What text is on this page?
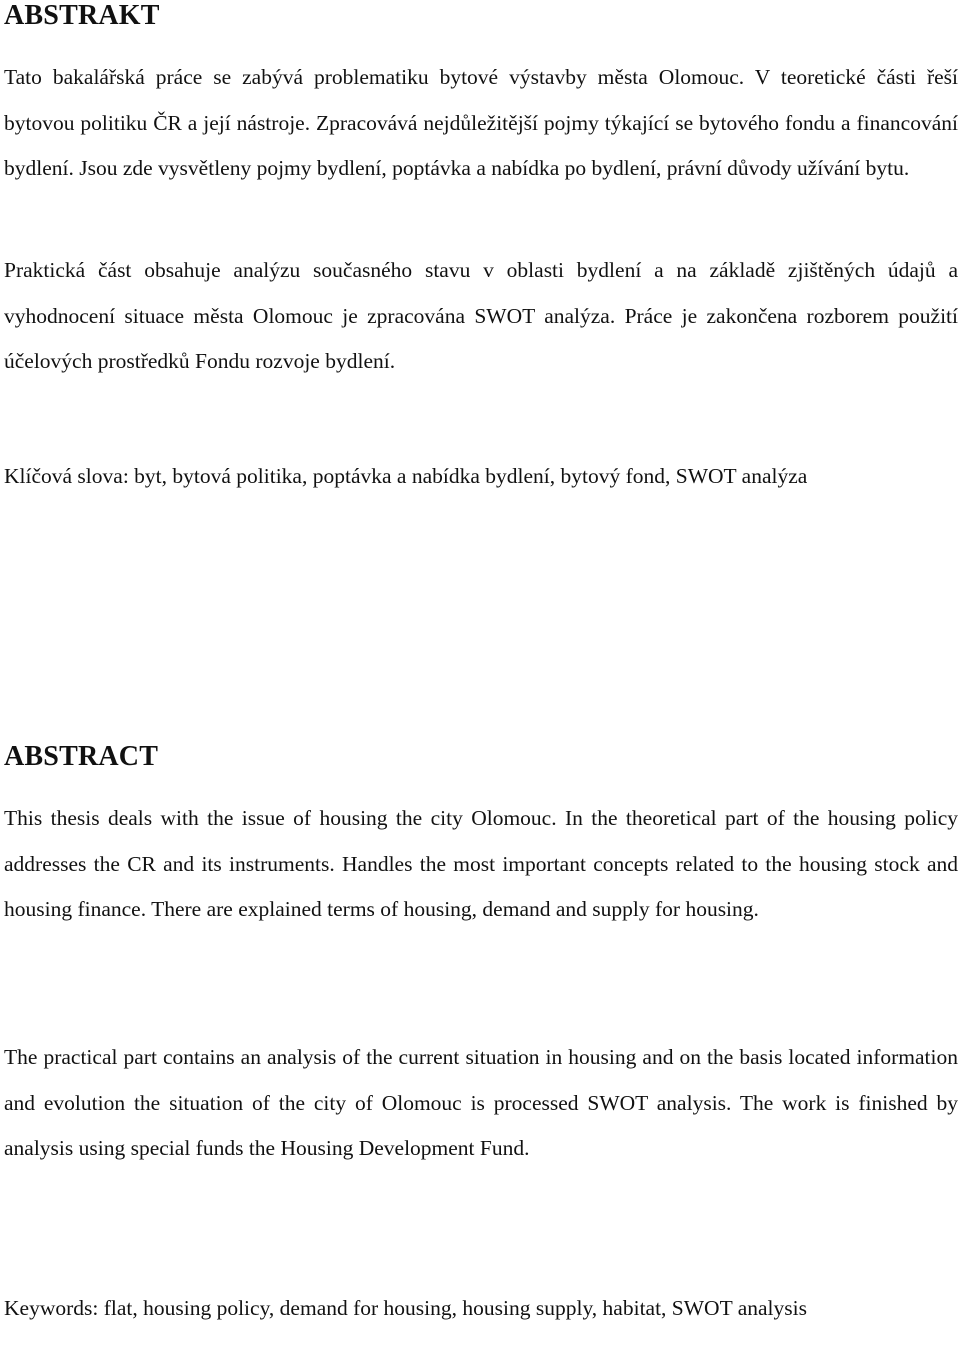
ABSTRAKT

Tato bakalářská práce se zabývá problematiku bytové výstavby města Olomouc. V teoretické části řeší bytovou politiku ČR a její nástroje. Zpracovává nejdůležitější pojmy týkající se bytového fondu a financování bydlení. Jsou zde vysvětleny pojmy bydlení, poptávka a nabídka po bydlení, právní důvody užívání bytu.

Praktická část obsahuje analýzu současného stavu v oblasti bydlení a na základě zjištěných údajů a vyhodnocení situace města Olomouc je zpracována SWOT analýza. Práce je zakončena rozborem použití účelových prostředků Fondu rozvoje bydlení.

Klíčová slova: byt, bytová politika, poptávka a nabídka bydlení, bytový fond, SWOT analýza

ABSTRACT

This thesis deals with the issue of housing the city Olomouc. In the theoretical part of the housing policy addresses the CR and its instruments. Handles the most important concepts related to the housing stock and housing finance. There are explained terms of housing, demand and supply for housing.

The practical part contains an analysis of the current situation in housing and on the basis located information and evolution the situation of the city of Olomouc is processed SWOT analysis. The work is finished by analysis using special funds the Housing Development Fund.

Keywords: flat, housing policy, demand for housing, housing supply, habitat, SWOT analysis
